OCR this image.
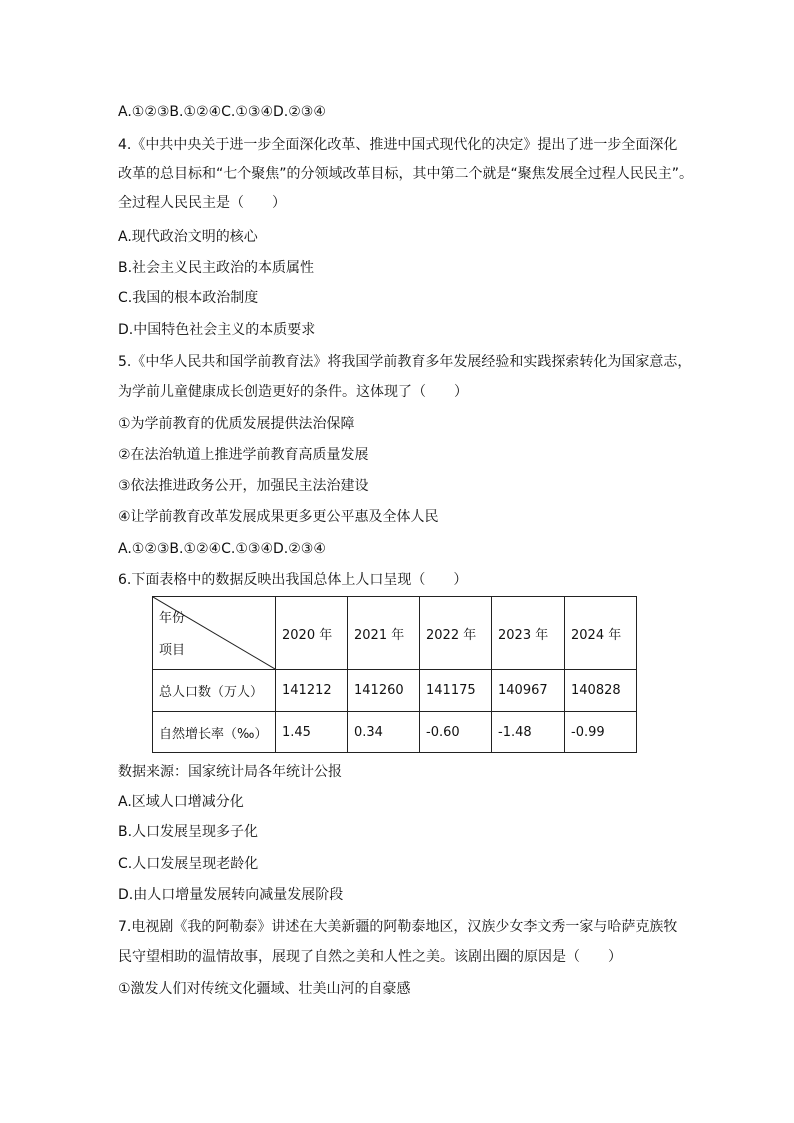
A.①②③B.①②④C.①③④D.②③④
4.《中共中央关于进一步全面深化改革、推进中国式现代化的决定》提出了进一步全面深化
改革的总目标和“七个聚焦”的分领域改革目标，其中第二个就是“聚焦发展全过程人民民主”。
全过程人民民主是（　　）
A.现代政治文明的核心
B.社会主义民主政治的本质属性
C.我国的根本政治制度
D.中国特色社会主义的本质要求
5.《中华人民共和国学前教育法》将我国学前教育多年发展经验和实践探索转化为国家意志，
为学前儿童健康成长创造更好的条件。这体现了（　　）
①为学前教育的优质发展提供法治保障
②在法治轨道上推进学前教育高质量发展
③依法推进政务公开，加强民主法治建设
④让学前教育改革发展成果更多更公平惠及全体人民
A.①②③B.①②④C.①③④D.②③④
6.下面表格中的数据反映出我国总体上人口呈现（　　）
年份
项目	2020 年	2021 年	2022 年	2023 年	2024 年
总人口数（万人）	141212	141260	141175	140967	140828
自然增长率（‰）	1.45	0.34	-0.60	-1.48	-0.99
数据来源：国家统计局各年统计公报
A.区域人口增减分化
B.人口发展呈现多子化
C.人口发展呈现老龄化
D.由人口增量发展转向减量发展阶段
7.电视剧《我的阿勒泰》讲述在大美新疆的阿勒泰地区，汉族少女李文秀一家与哈萨克族牧
民守望相助的温情故事，展现了自然之美和人性之美。该剧出圈的原因是（　　）
①激发人们对传统文化疆域、壮美山河的自豪感
